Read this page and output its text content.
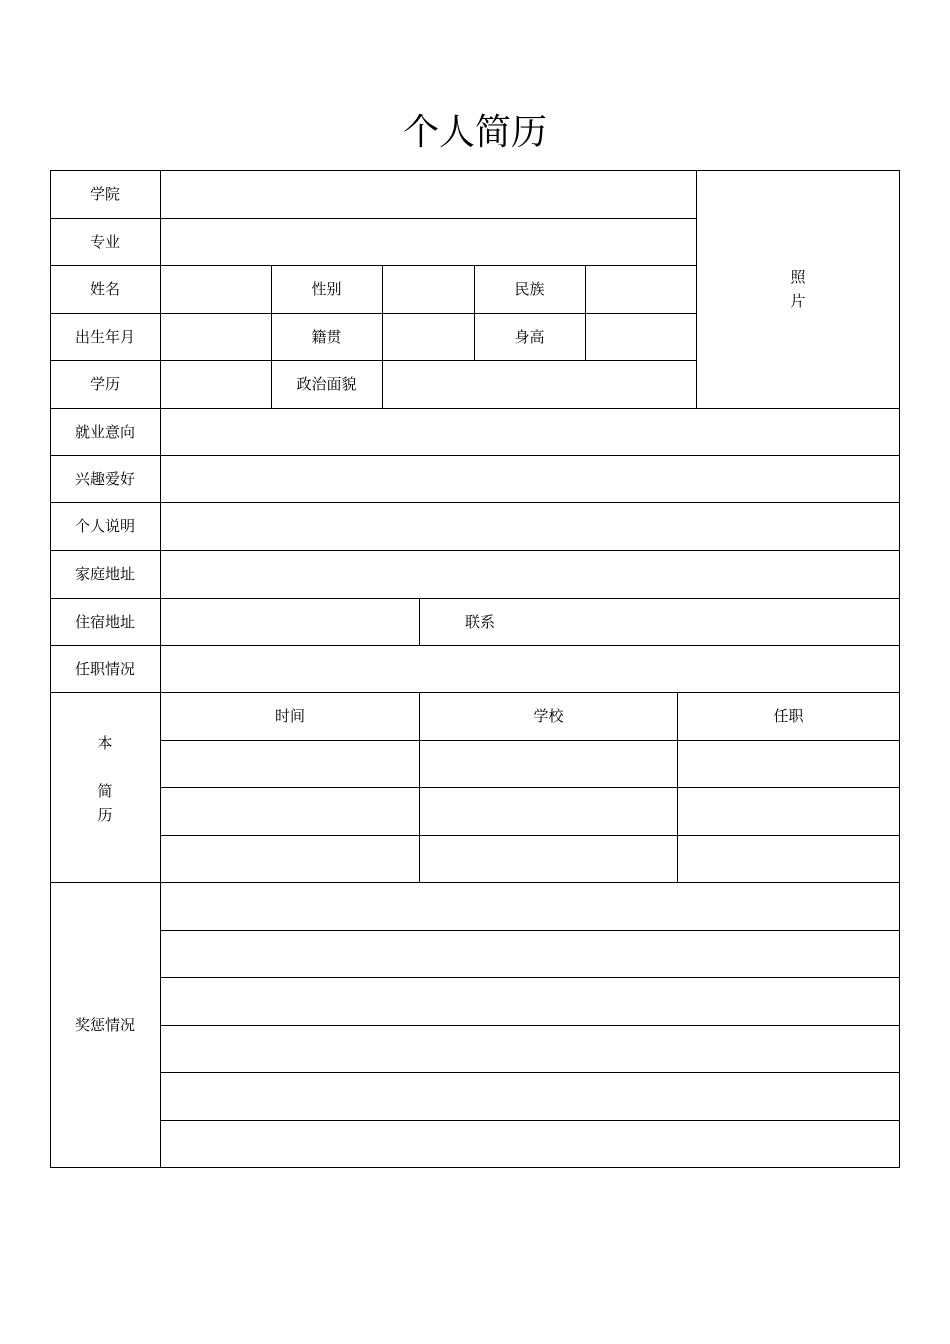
个人简历
学院
专业
姓名	性别	民族
出生年月	籍贯	身高
学历	政治面貌
照
片
就业意向
兴趣爱好
个人说明
家庭地址
住宿地址	联系
任职情况
本
简
历
时间	学校	任职
奖惩情况
